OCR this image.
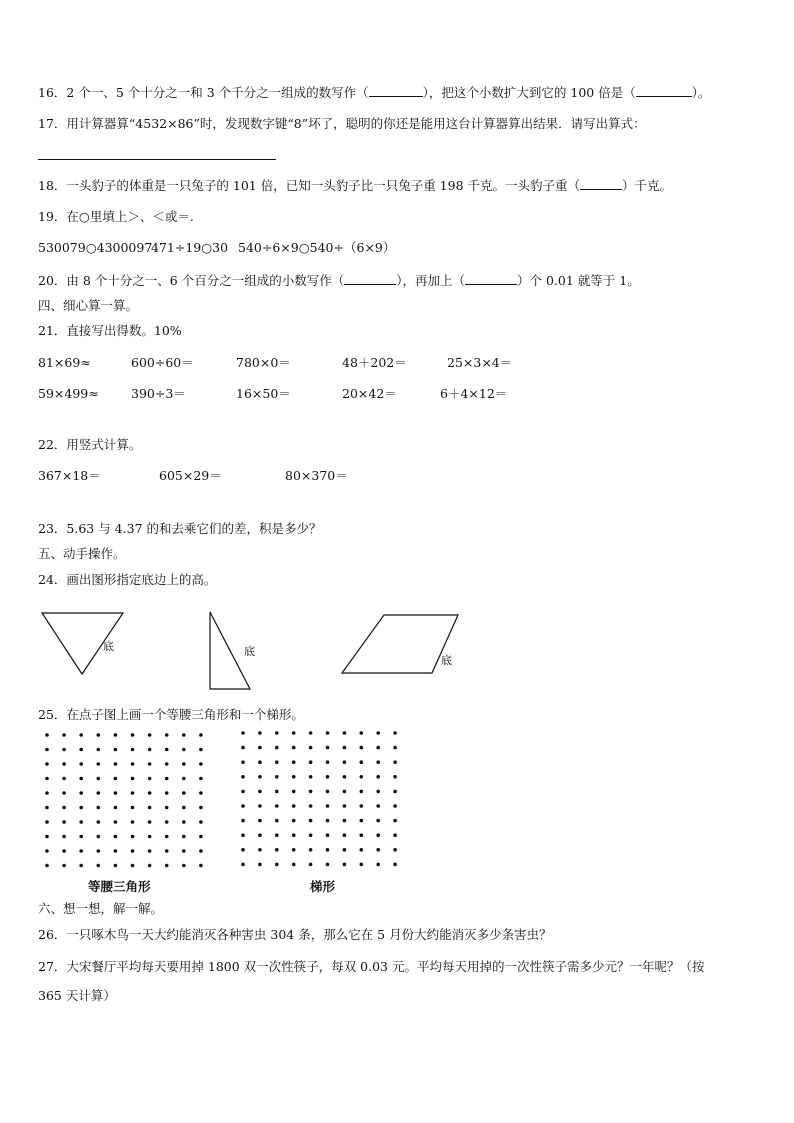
16．2 个一、5 个十分之一和 3 个千分之一组成的数写作（	），把这个小数扩大到它的 100 倍是（	）。
17．用计算器算“4532×86”时，发现数字键“8”坏了，聪明的你还是能用这台计算器算出结果．请写出算式：
18．一头豹子的体重是一只兔子的 101 倍，已知一头豹子比一只兔子重 198 千克。一头豹子重（	）千克。
19．在○里填上＞、＜或＝.
530079○4300097
471÷19○30 540÷6×9○540÷（6×9）
20．由 8 个十分之一、6 个百分之一组成的小数写作（	），再加上（	）个 0.01 就等于 1。
四、细心算一算。
21．直接写出得数。10%
81×69≈	600÷60＝	780×0＝	48＋202＝	25×3×4＝
59×499≈	390÷3＝	16×50＝	20×42＝	6＋4×12＝
22．用竖式计算。
367×18＝	605×29＝	80×370＝
23．5.63 与 4.37 的和去乘它们的差，积是多少？
五、动手操作。
24．画出图形指定底边上的高。
底	底
底
25．在点子图上画一个等腰三角形和一个梯形。
等腰三角形	梯形
六、想一想，解一解。
26．一只啄木鸟一天大约能消灭各种害虫 304 条，那么它在 5 月份大约能消灭多少条害虫？
27．大宋餐厅平均每天要用掉 1800 双一次性筷子，每双 0.03 元。平均每天用掉的一次性筷子需多少元？一年呢？（按
365 天计算）
